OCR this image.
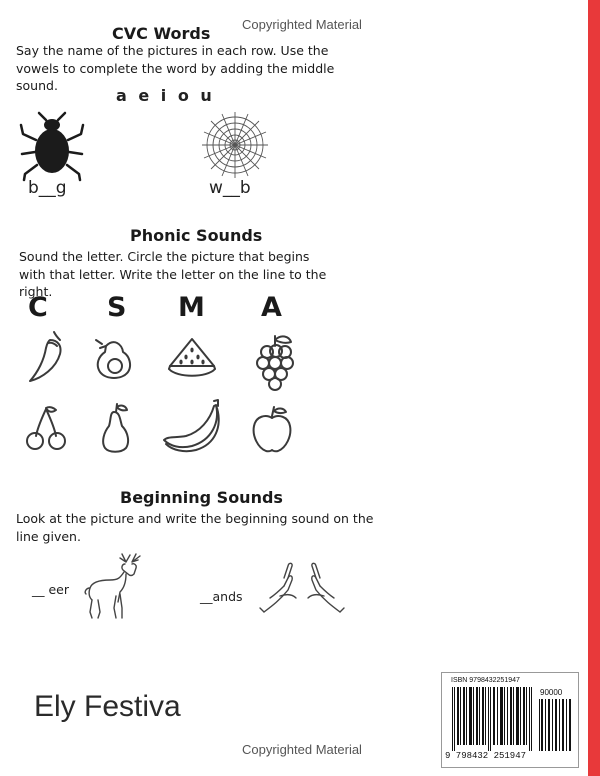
Copyrighted Material
CVC Words
Say the name of the pictures in each row. Use the
vowels to complete the word by adding the middle
sound.
a e i o u
b__g	w__b
Phonic Sounds
Sound the letter. Circle the picture that begins
with that letter. Write the letter on the line to the
right.
C S M A
Beginning Sounds
Look at the picture and write the beginning sound on the
line given.
__ eer	__ands
Ely Festiva
ISBN 9798432251947
90000
9 798432 251947
Copyrighted Material
